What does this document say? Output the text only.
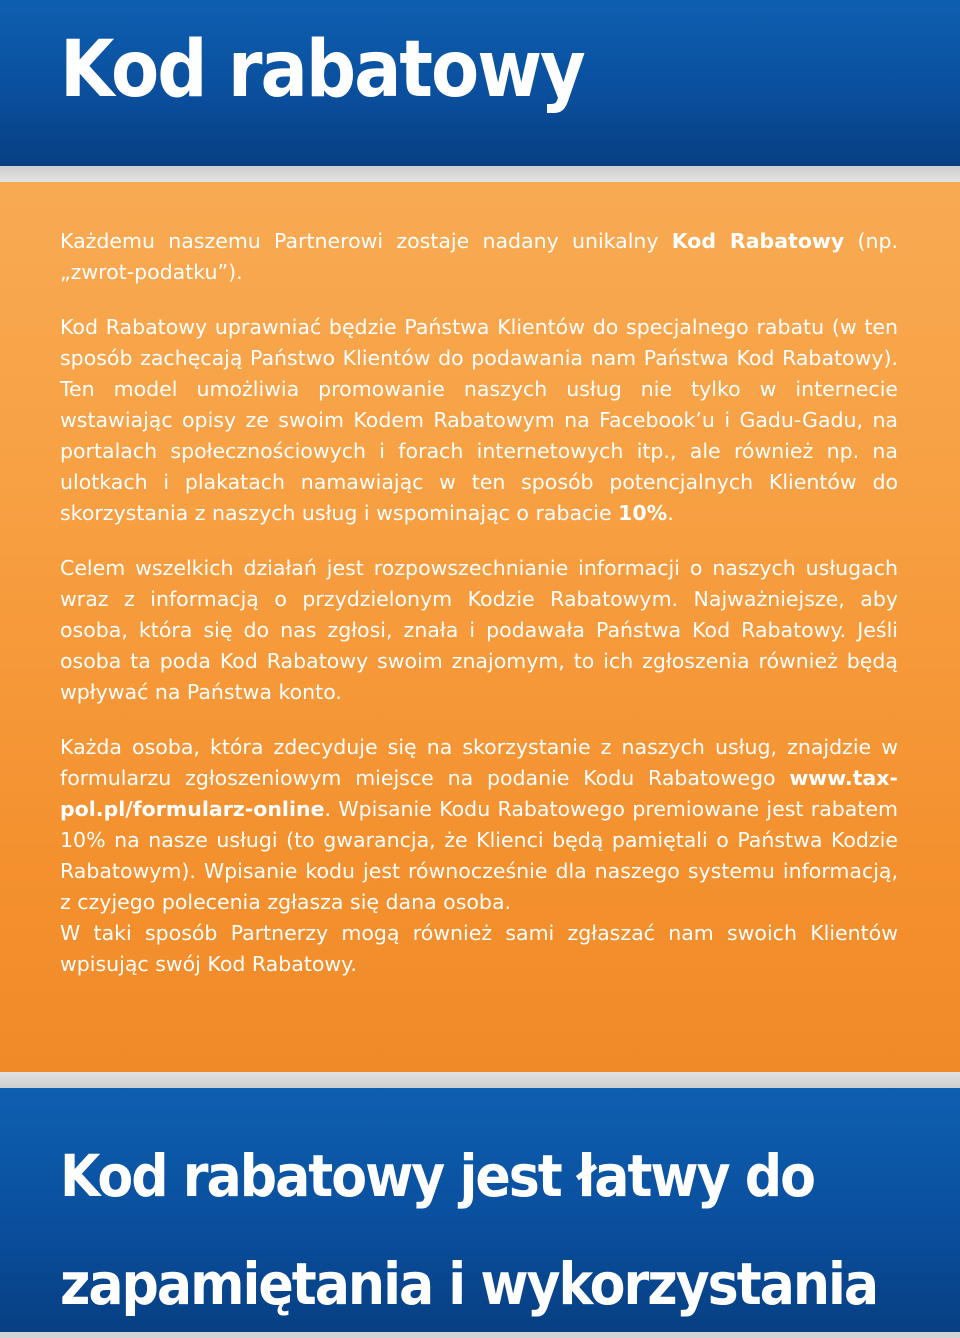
Kod rabatowy

Każdemu naszemu Partnerowi zostaje nadany unikalny Kod Rabatowy (np. „zwrot-podatku”).

Kod Rabatowy uprawniać będzie Państwa Klientów do specjalnego rabatu (w ten sposób zachęcają Państwo Klientów do podawania nam Państwa Kod Rabatowy). Ten model umożliwia promowanie naszych usług nie tylko w internecie wstawiając opisy ze swoim Kodem Rabatowym na Facebook’u i Gadu-Gadu, na portalach społecznościowych i forach internetowych itp., ale również np. na ulotkach i plakatach namawiając w ten sposób potencjalnych Klientów do skorzystania z naszych usług i wspominając o rabacie 10%.

Celem wszelkich działań jest rozpowszechnianie informacji o naszych usługach wraz z informacją o przydzielonym Kodzie Rabatowym. Najważniejsze, aby osoba, która się do nas zgłosi, znała i podawała Państwa Kod Rabatowy. Jeśli osoba ta poda Kod Rabatowy swoim znajomym, to ich zgłoszenia również będą wpływać na Państwa konto.

Każda osoba, która zdecyduje się na skorzystanie z naszych usług, znajdzie w formularzu zgłoszeniowym miejsce na podanie Kodu Rabatowego www.tax-pol.pl/formularz-online. Wpisanie Kodu Rabatowego premiowane jest rabatem 10% na nasze usługi (to gwarancja, że Klienci będą pamiętali o Państwa Kodzie Rabatowym). Wpisanie kodu jest równocześnie dla naszego systemu informacją, z czyjego polecenia zgłasza się dana osoba.

W taki sposób Partnerzy mogą również sami zgłaszać nam swoich Klientów wpisując swój Kod Rabatowy.

Kod rabatowy jest łatwy do
zapamiętania i wykorzystania
